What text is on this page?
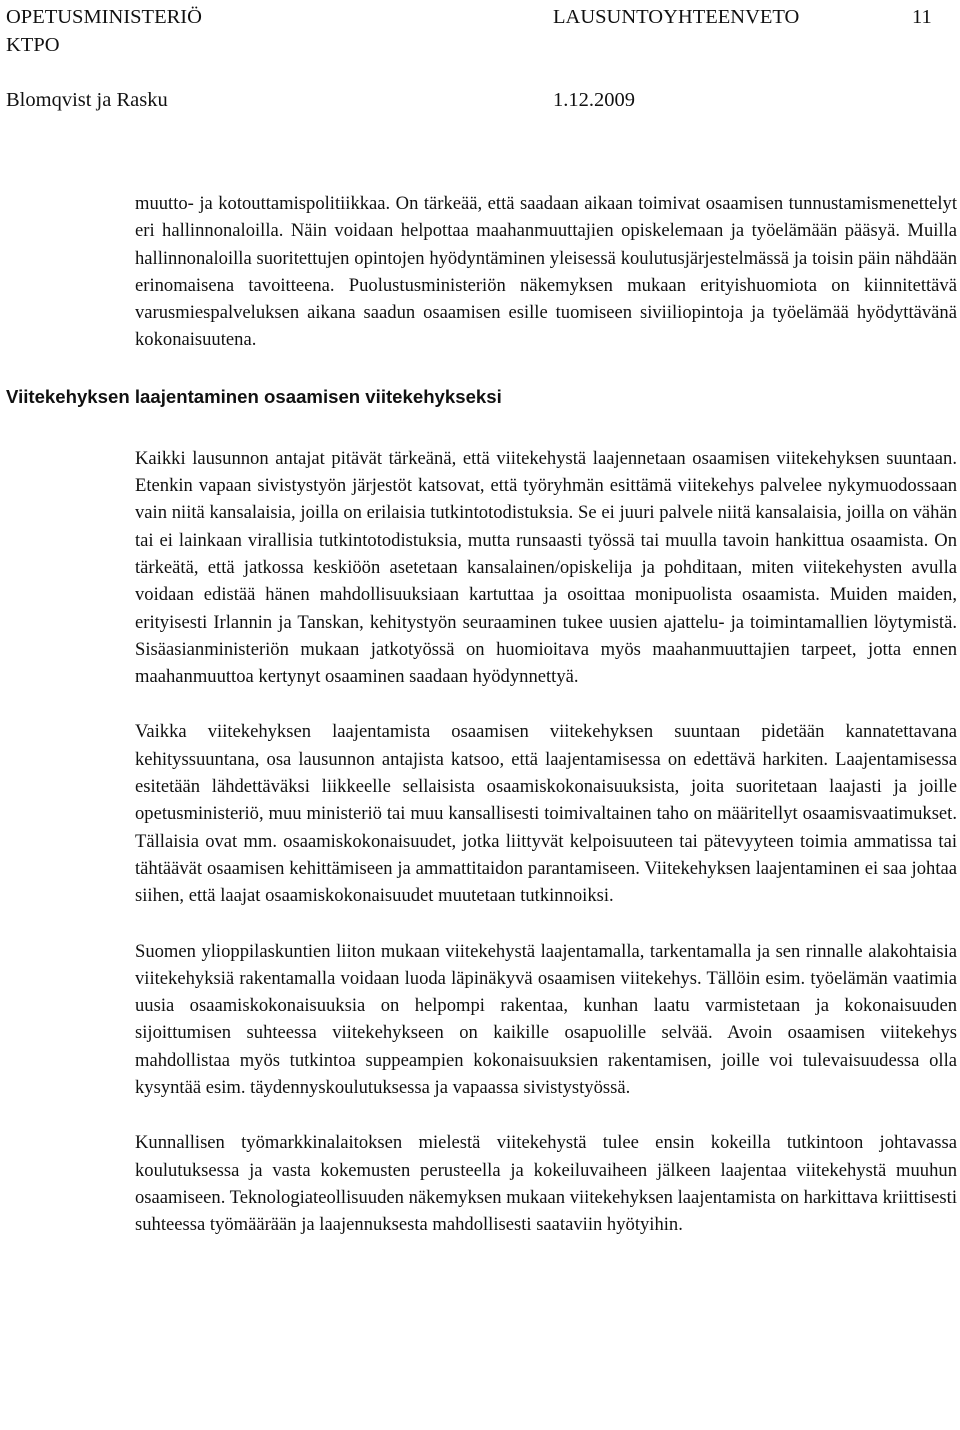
OPETUSMINISTERIÖ
KTPO
LAUSUNTOYHTEENVETO	11
Blomqvist ja Rasku	1.12.2009

muutto- ja kotouttamispolitiikkaa. On tärkeää, että saadaan aikaan toimivat osaamisen tunnustamismenettelyt eri hallinnonaloilla. Näin voidaan helpottaa maahanmuuttajien opiskelemaan ja työelämään pääsyä. Muilla hallinnonaloilla suoritettujen opintojen hyödyntäminen yleisessä koulutusjärjestelmässä ja toisin päin nähdään erinomaisena tavoitteena. Puolustusministeriön näkemyksen mukaan erityishuomiota on kiinnitettävä varusmiespalveluksen aikana saadun osaamisen esille tuomiseen siviiliopintoja ja työelämää hyödyttävänä kokonaisuutena.

Viitekehyksen laajentaminen osaamisen viitekehykseksi

Kaikki lausunnon antajat pitävät tärkeänä, että viitekehystä laajennetaan osaamisen viitekehyksen suuntaan. Etenkin vapaan sivistystyön järjestöt katsovat, että työryhmän esittämä viitekehys palvelee nykymuodossaan vain niitä kansalaisia, joilla on erilaisia tutkintotodistuksia. Se ei juuri palvele niitä kansalaisia, joilla on vähän tai ei lainkaan virallisia tutkintotodistuksia, mutta runsaasti työssä tai muulla tavoin hankittua osaamista. On tärkeätä, että jatkossa keskiöön asetetaan kansalainen/opiskelija ja pohditaan, miten viitekehysten avulla voidaan edistää hänen mahdollisuuksiaan kartuttaa ja osoittaa monipuolista osaamista. Muiden maiden, erityisesti Irlannin ja Tanskan, kehitystyön seuraaminen tukee uusien ajattelu- ja toimintamallien löytymistä. Sisäasianministeriön mukaan jatkotyössä on huomioitava myös maahanmuuttajien tarpeet, jotta ennen maahanmuuttoa kertynyt osaaminen saadaan hyödynnettyä.

Vaikka viitekehyksen laajentamista osaamisen viitekehyksen suuntaan pidetään kannatettavana kehityssuuntana, osa lausunnon antajista katsoo, että laajentamisessa on edettävä harkiten. Laajentamisessa esitetään lähdettäväksi liikkeelle sellaisista osaamiskokonaisuuksista, joita suoritetaan laajasti ja joille opetusministeriö, muu ministeriö tai muu kansallisesti toimivaltainen taho on määritellyt osaamisvaatimukset. Tällaisia ovat mm. osaamiskokonaisuudet, jotka liittyvät kelpoisuuteen tai pätevyyteen toimia ammatissa tai tähtäävät osaamisen kehittämiseen ja ammattitaidon parantamiseen. Viitekehyksen laajentaminen ei saa johtaa siihen, että laajat osaamiskokonaisuudet muutetaan tutkinnoiksi.

Suomen ylioppilaskuntien liiton mukaan viitekehystä laajentamalla, tarkentamalla ja sen rinnalle alakohtaisia viitekehyksiä rakentamalla voidaan luoda läpinäkyvä osaamisen viitekehys. Tällöin esim. työelämän vaatimia uusia osaamiskokonaisuuksia on helpompi rakentaa, kunhan laatu varmistetaan ja kokonaisuuden sijoittumisen suhteessa viitekehykseen on kaikille osapuolille selvää. Avoin osaamisen viitekehys mahdollistaa myös tutkintoa suppeampien kokonaisuuksien rakentamisen, joille voi tulevaisuudessa olla kysyntää esim. täydennyskoulutuksessa ja vapaassa sivistystyössä.

Kunnallisen työmarkkinalaitoksen mielestä viitekehystä tulee ensin kokeilla tutkintoon johtavassa koulutuksessa ja vasta kokemusten perusteella ja kokeiluvaiheen jälkeen laajentaa viitekehystä muuhun osaamiseen. Teknologiateollisuuden näkemyksen mukaan viitekehyksen laajentamista on harkittava kriittisesti suhteessa työmäärään ja laajennuksesta mahdollisesti saataviin hyötyihin.
